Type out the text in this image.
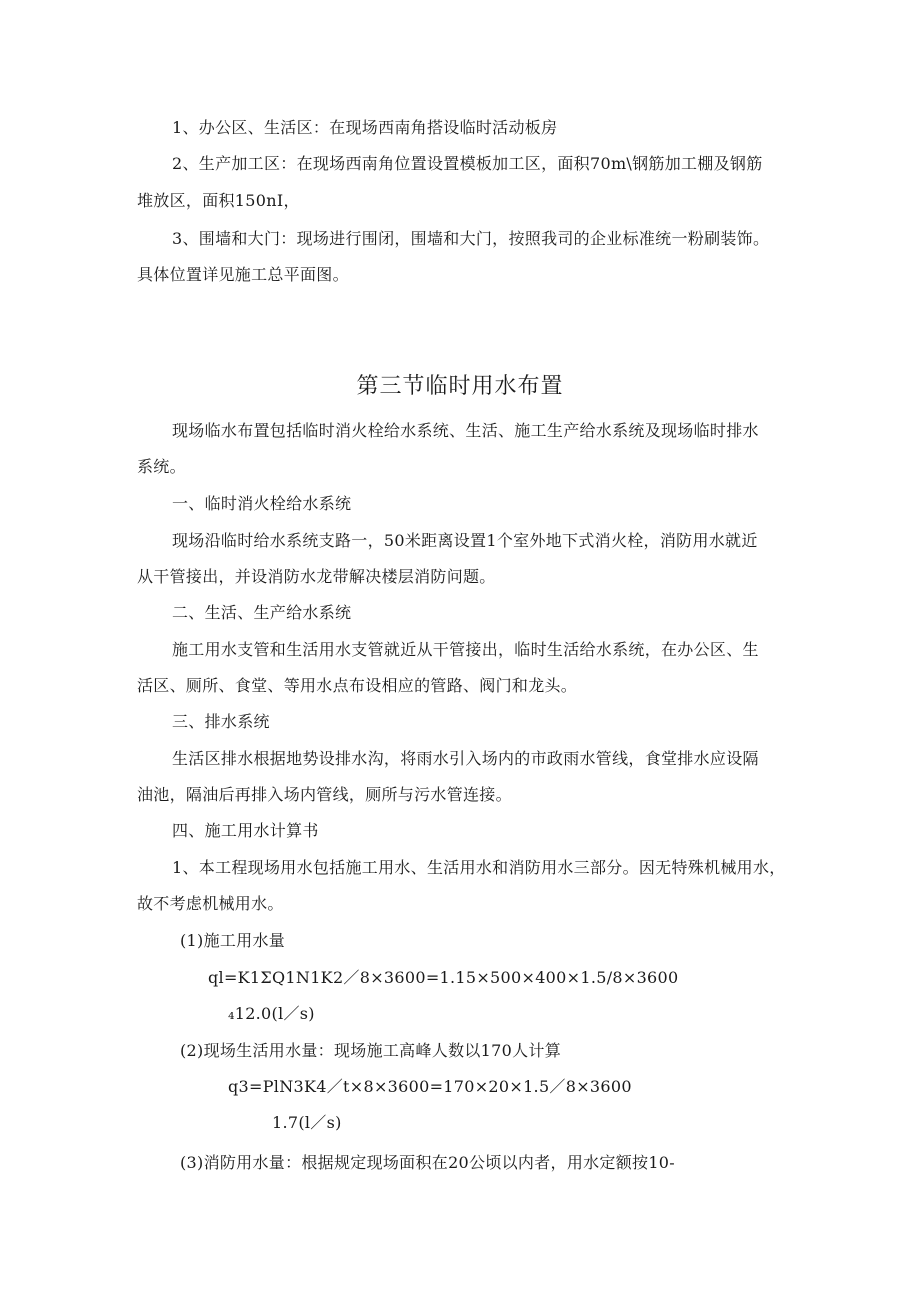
1、办公区、生活区：在现场西南角搭设临时活动板房
2、生产加工区：在现场西南角位置设置模板加工区，面积70m\钢筋加工棚及钢筋
堆放区，面积150nI，
3、围墙和大门：现场进行围闭，围墙和大门，按照我司的企业标准统一粉刷装饰。
具体位置详见施工总平面图。
第三节临时用水布置
现场临水布置包括临时消火栓给水系统、生活、施工生产给水系统及现场临时排水
系统。
一、临时消火栓给水系统
现场沿临时给水系统支路一，50米距离设置1个室外地下式消火栓，消防用水就近
从干管接出，并设消防水龙带解决楼层消防问题。
二、生活、生产给水系统
施工用水支管和生活用水支管就近从干管接出，临时生活给水系统，在办公区、生
活区、厕所、食堂、等用水点布设相应的管路、阀门和龙头。
三、排水系统
生活区排水根据地势设排水沟，将雨水引入场内的市政雨水管线，食堂排水应设隔
油池，隔油后再排入场内管线，厕所与污水管连接。
四、施工用水计算书
1、本工程现场用水包括施工用水、生活用水和消防用水三部分。因无特殊机械用水，
故不考虑机械用水。
(1)施工用水量
ql=K1ΣQ1N1K2／8×3600=1.15×500×400×1.5/8×3600
₄12.0(l／s)
(2)现场生活用水量：现场施工高峰人数以170人计算
q3=PlN3K4／t×8×3600=170×20×1.5／8×3600
1.7(l／s)
(3)消防用水量：根据规定现场面积在20公顷以内者，用水定额按10-
